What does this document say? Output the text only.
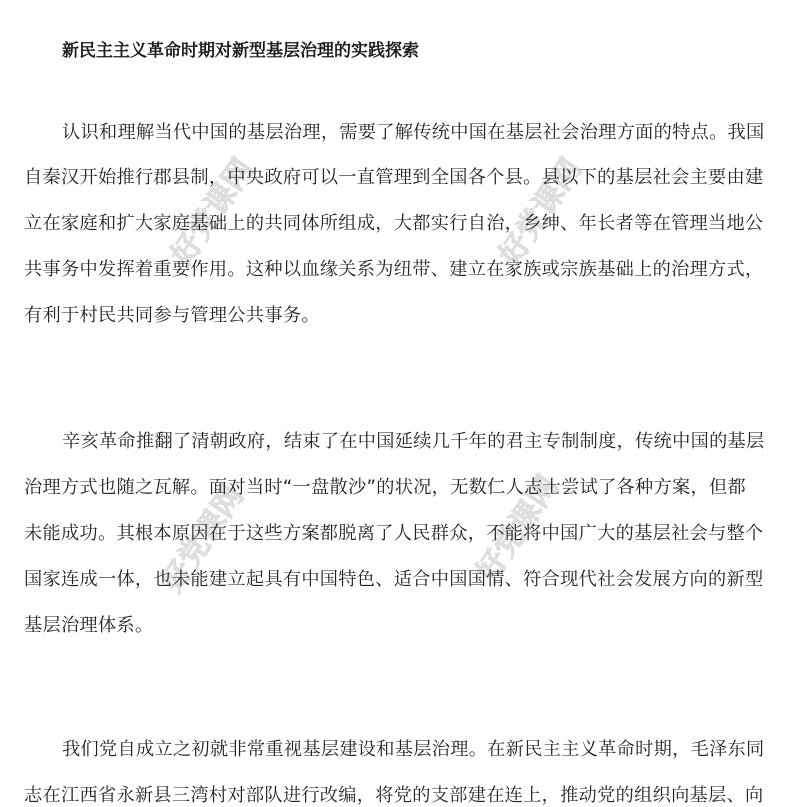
好党课网	好党课网
好党课网	好党课网
新民主主义革命时期对新型基层治理的实践探索
认识和理解当代中国的基层治理，需要了解传统中国在基层社会治理方面的特点。我国
自秦汉开始推行郡县制，中央政府可以一直管理到全国各个县。县以下的基层社会主要由建
立在家庭和扩大家庭基础上的共同体所组成，大都实行自治，乡绅、年长者等在管理当地公
共事务中发挥着重要作用。这种以血缘关系为纽带、建立在家族或宗族基础上的治理方式，
有利于村民共同参与管理公共事务。
辛亥革命推翻了清朝政府，结束了在中国延续几千年的君主专制制度，传统中国的基层
治理方式也随之瓦解。面对当时“一盘散沙”的状况，无数仁人志士尝试了各种方案，但都
未能成功。其根本原因在于这些方案都脱离了人民群众，不能将中国广大的基层社会与整个
国家连成一体，也未能建立起具有中国特色、适合中国国情、符合现代社会发展方向的新型
基层治理体系。
我们党自成立之初就非常重视基层建设和基层治理。在新民主主义革命时期，毛泽东同
志在江西省永新县三湾村对部队进行改编，将党的支部建在连上，推动党的组织向基层、向
